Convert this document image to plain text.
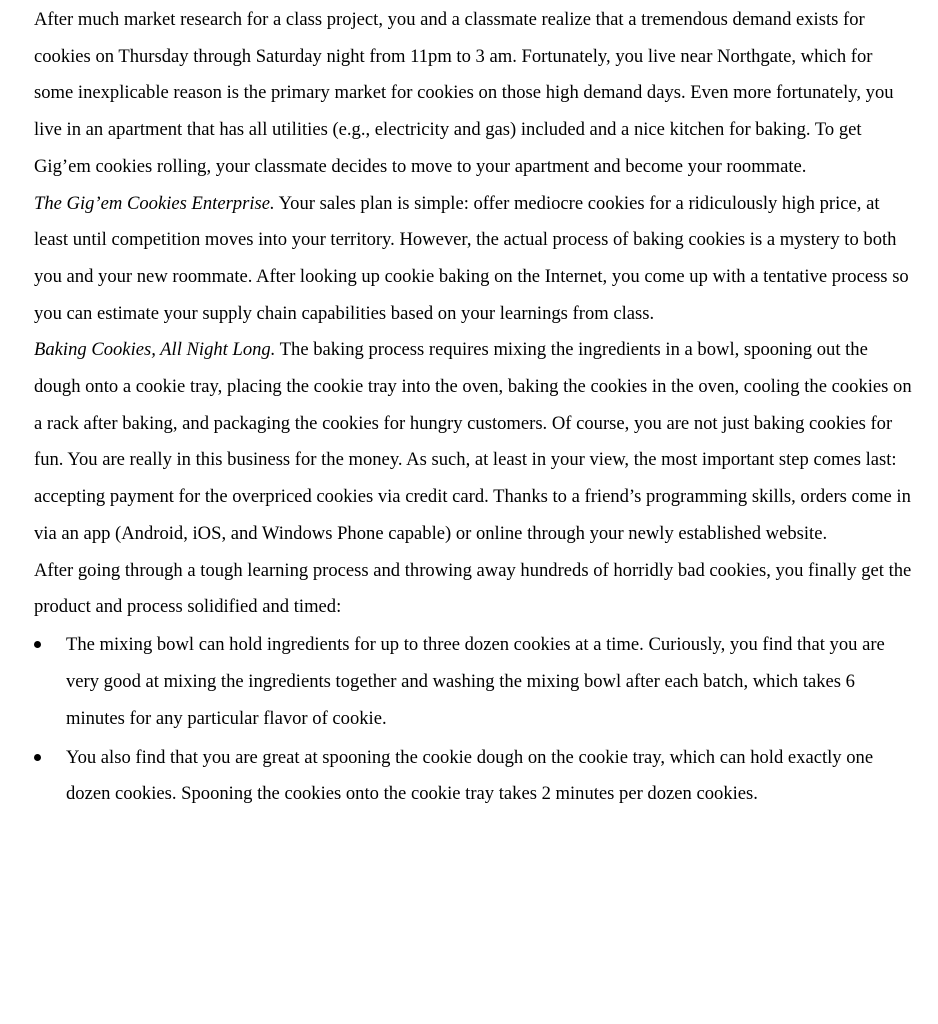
After much market research for a class project, you and a classmate realize that a tremendous demand exists for cookies on Thursday through Saturday night from 11pm to 3 am. Fortunately, you live near Northgate, which for some inexplicable reason is the primary market for cookies on those high demand days. Even more fortunately, you live in an apartment that has all utilities (e.g., electricity and gas) included and a nice kitchen for baking. To get Gig’em cookies rolling, your classmate decides to move to your apartment and become your roommate.

The Gig’em Cookies Enterprise. Your sales plan is simple: offer mediocre cookies for a ridiculously high price, at least until competition moves into your territory. However, the actual process of baking cookies is a mystery to both you and your new roommate. After looking up cookie baking on the Internet, you come up with a tentative process so you can estimate your supply chain capabilities based on your learnings from class.

Baking Cookies, All Night Long. The baking process requires mixing the ingredients in a bowl, spooning out the dough onto a cookie tray, placing the cookie tray into the oven, baking the cookies in the oven, cooling the cookies on a rack after baking, and packaging the cookies for hungry customers. Of course, you are not just baking cookies for fun. You are really in this business for the money. As such, at least in your view, the most important step comes last: accepting payment for the overpriced cookies via credit card. Thanks to a friend’s programming skills, orders come in via an app (Android, iOS, and Windows Phone capable) or online through your newly established website.

After going through a tough learning process and throwing away hundreds of horridly bad cookies, you finally get the product and process solidified and timed:

The mixing bowl can hold ingredients for up to three dozen cookies at a time. Curiously, you find that you are very good at mixing the ingredients together and washing the mixing bowl after each batch, which takes 6 minutes for any particular flavor of cookie.
You also find that you are great at spooning the cookie dough on the cookie tray, which can hold exactly one dozen cookies. Spooning the cookies onto the cookie tray takes 2 minutes per dozen cookies.
